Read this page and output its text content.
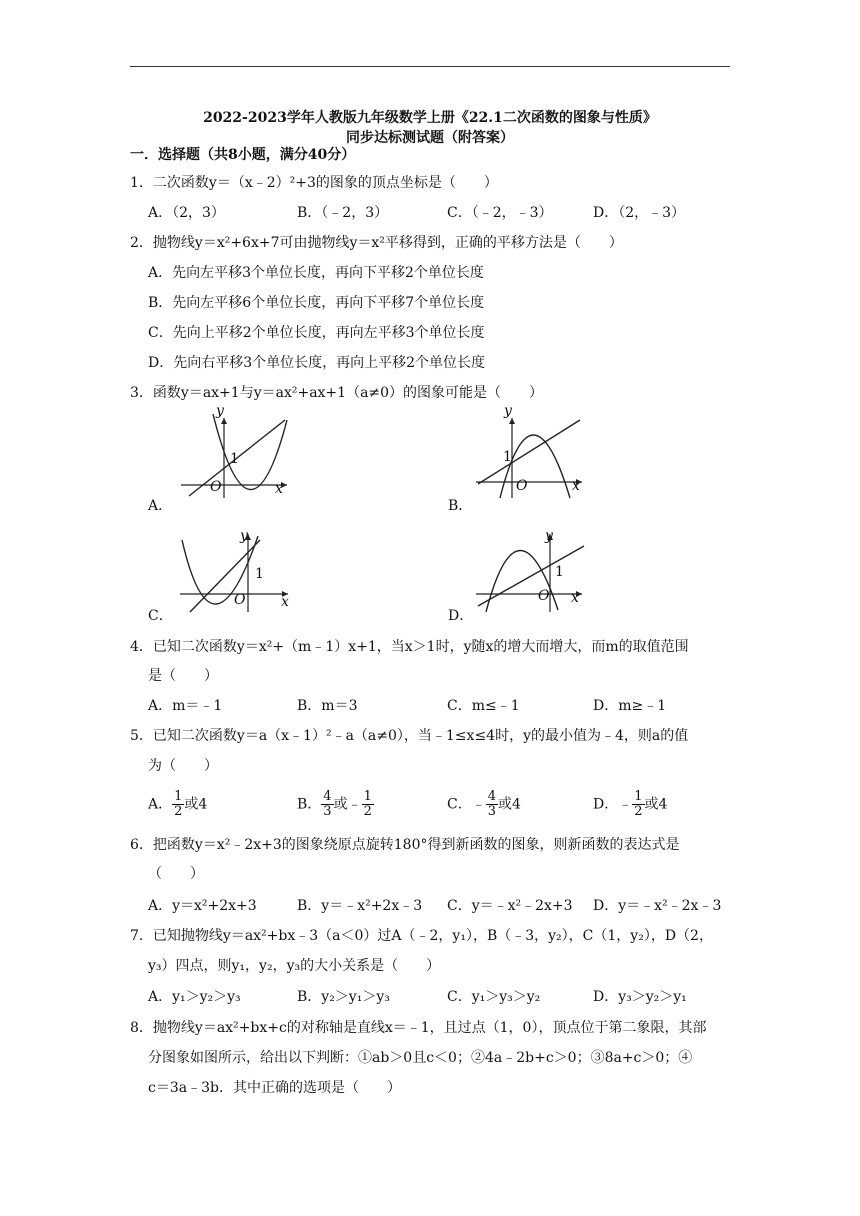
2022-2023学年人教版九年级数学上册《22.1二次函数的图象与性质》
同步达标测试题（附答案）
一．选择题（共8小题，满分40分）
1．二次函数y＝（x﹣2）²+3的图象的顶点坐标是（　　）
A．（2，3）	B．（﹣2，3）	C．（﹣2，﹣3）	D．（2，﹣3）
2．抛物线y＝x²+6x+7可由抛物线y＝x²平移得到，正确的平移方法是（　　）
A．先向左平移3个单位长度，再向下平移2个单位长度
B．先向左平移6个单位长度，再向下平移7个单位长度
C．先向上平移2个单位长度，再向左平移3个单位长度
D．先向右平移3个单位长度，再向上平移2个单位长度
3．函数y＝ax+1与y＝ax²+ax+1（a≠0）的图象可能是（　　）
y
x
O
1
A．
y
x
O
1
B．
y
x
O
1
C．
y
x
O
1
D．
4．已知二次函数y＝x²+（m﹣1）x+1，当x＞1时，y随x的增大而增大，而m的取值范围
是（　　）
A．m＝﹣1	B．m＝3	C．m≤﹣1	D．m≥﹣1
5．已知二次函数y＝a（x﹣1）²﹣a（a≠0），当﹣1≤x≤4时，y的最小值为﹣4，则a的值
为（　　）
A． $\frac{1}{2}$ 或4	B． $\frac{4}{3}$ 或﹣ $\frac{1}{2}$	C．﹣ $\frac{4}{3}$ 或4	D．﹣ $\frac{1}{2}$ 或4
6．把函数y＝x²﹣2x+3的图象绕原点旋转180°得到新函数的图象，则新函数的表达式是
（　　）
A．y＝x²+2x+3	B．y＝﹣x²+2x﹣3 C．y＝﹣x²﹣2x+3 D．y＝﹣x²﹣2x﹣3
7．已知抛物线y＝ax²+bx﹣3（a＜0）过A（﹣2，y₁），B（﹣3，y₂），C（1，y₂），D（2，
y₃）四点，则y₁，y₂，y₃的大小关系是（　　）
A．y₁＞y₂＞y₃	B．y₂＞y₁＞y₃	C．y₁＞y₃＞y₂	D．y₃＞y₂＞y₁
8．抛物线y＝ax²+bx+c的对称轴是直线x＝﹣1，且过点（1，0），顶点位于第二象限，其部
分图象如图所示，给出以下判断：①ab＞0且c＜0；②4a﹣2b+c＞0；③8a+c＞0；④
c＝3a﹣3b．其中正确的选项是（　　）
